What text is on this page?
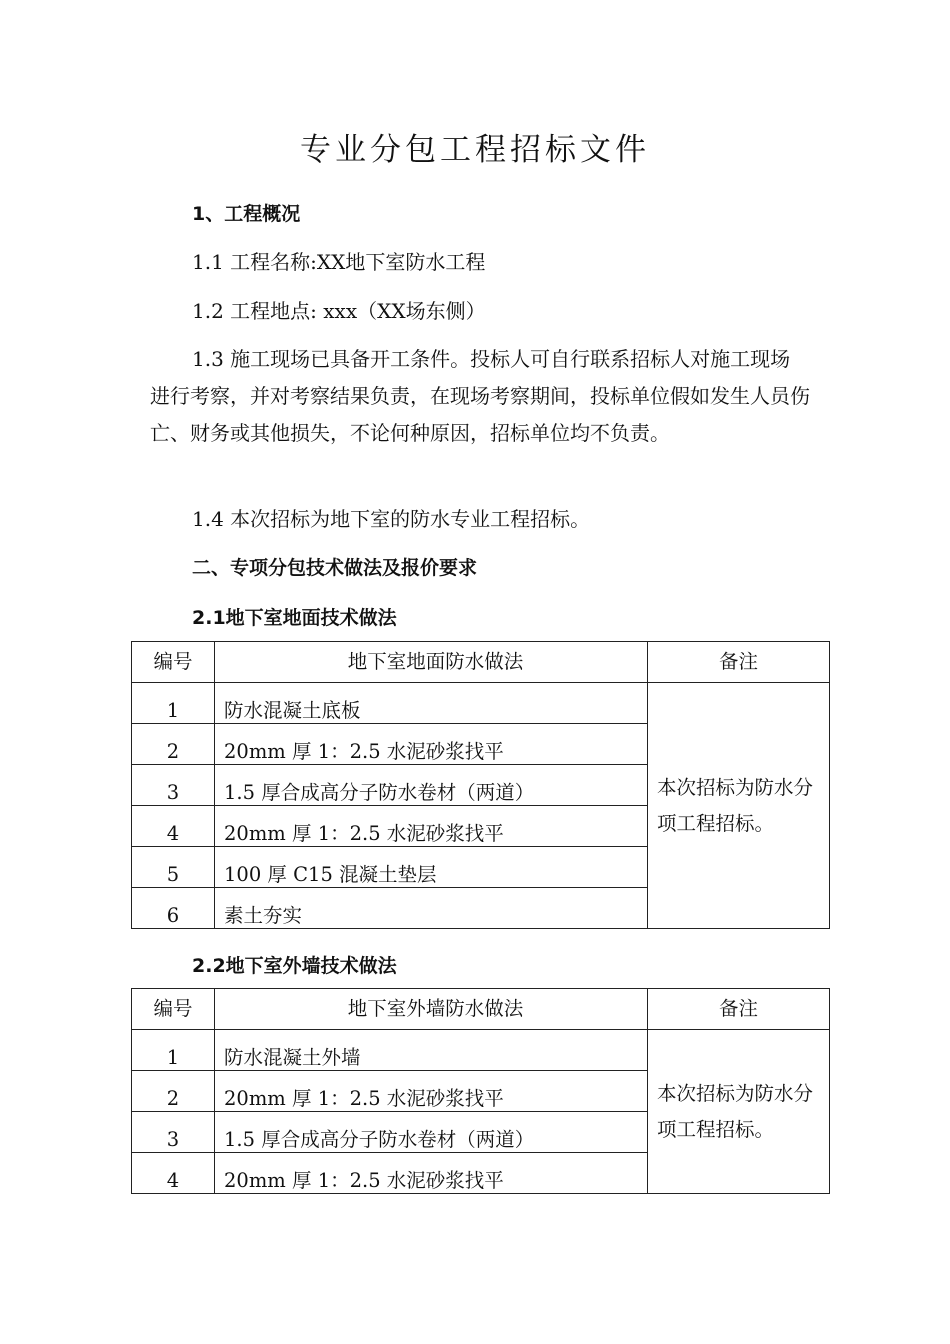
专业分包工程招标文件
1、工程概况
1.1 工程名称:XX地下室防水工程
1.2 工程地点: xxx（XX场东侧）
1.3 施工现场已具备开工条件。投标人可自行联系招标人对施工现场进行考察，并对考察结果负责，在现场考察期间，投标单位假如发生人员伤亡、财务或其他损失，不论何种原因，招标单位均不负责。
1.4 本次招标为地下室的防水专业工程招标。
二、专项分包技术做法及报价要求
2.1地下室地面技术做法
编号	地下室地面防水做法	备注
1	防水混凝土底板	本次招标为防水分项工程招标。
2	20mm 厚 1：2.5 水泥砂浆找平	
3	1.5 厚合成高分子防水卷材（两道）	
4	20mm 厚 1：2.5 水泥砂浆找平	
5	100 厚 C15 混凝土垫层	
6	素土夯实	
2.2地下室外墙技术做法
编号	地下室外墙防水做法	备注
1	防水混凝土外墙	本次招标为防水分项工程招标。
2	20mm 厚 1：2.5 水泥砂浆找平	
3	1.5 厚合成高分子防水卷材（两道）	
4	20mm 厚 1：2.5 水泥砂浆找平	
